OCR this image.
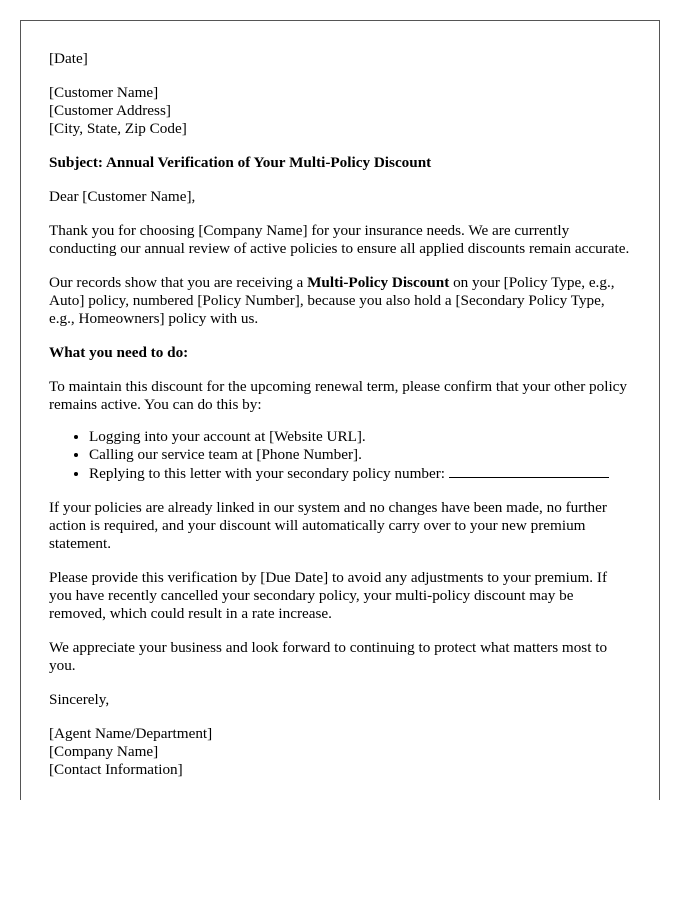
[Date]

[Customer Name]
[Customer Address]
[City, State, Zip Code]

Subject: Annual Verification of Your Multi-Policy Discount

Dear [Customer Name],

Thank you for choosing [Company Name] for your insurance needs. We are currently conducting our annual review of active policies to ensure all applied discounts remain accurate.

Our records show that you are receiving a Multi-Policy Discount on your [Policy Type, e.g., Auto] policy, numbered [Policy Number], because you also hold a [Secondary Policy Type, e.g., Homeowners] policy with us.

What you need to do:

To maintain this discount for the upcoming renewal term, please confirm that your other policy remains active. You can do this by:

• Logging into your account at [Website URL].
• Calling our service team at [Phone Number].
• Replying to this letter with your secondary policy number:

If your policies are already linked in our system and no changes have been made, no further action is required, and your discount will automatically carry over to your new premium statement.

Please provide this verification by [Due Date] to avoid any adjustments to your premium. If you have recently cancelled your secondary policy, your multi-policy discount may be removed, which could result in a rate increase.

We appreciate your business and look forward to continuing to protect what matters most to you.

Sincerely,

[Agent Name/Department]
[Company Name]
[Contact Information]
